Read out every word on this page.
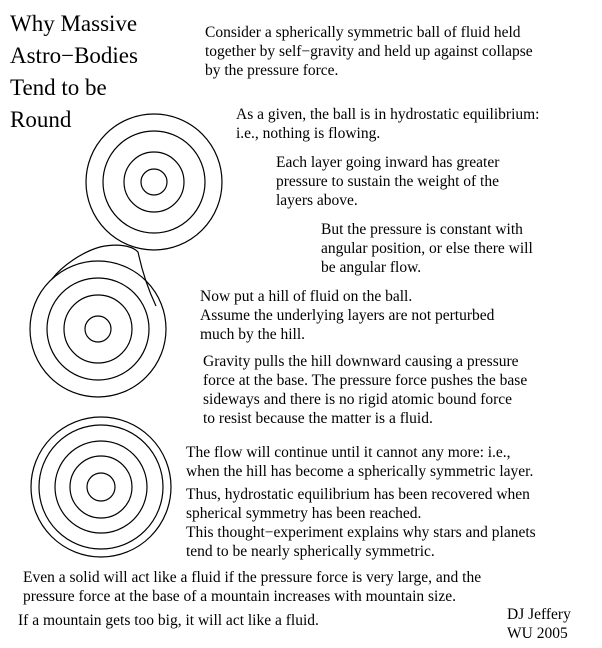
Why Massive
Astro−Bodies
Tend to be
Round
Consider a spherically symmetric ball of fluid held
together by self−gravity and held up against collapse
by the pressure force.
As a given, the ball is in hydrostatic equilibrium:
i.e., nothing is flowing.
Each layer going inward has greater
pressure to sustain the weight of the
layers above.
But the pressure is constant with
angular position, or else there will
be angular flow.
Now put a hill of fluid on the ball.
Assume the underlying layers are not perturbed
much by the hill.
Gravity pulls the hill downward causing a pressure
force at the base. The pressure force pushes the base
sideways and there is no rigid atomic bound force
to resist because the matter is a fluid.
The flow will continue until it cannot any more: i.e.,
when the hill has become a spherically symmetric layer.
Thus, hydrostatic equilibrium has been recovered when
spherical symmetry has been reached.
This thought−experiment explains why stars and planets
tend to be nearly spherically symmetric.
Even a solid will act like a fluid if the pressure force is very large, and the
pressure force at the base of a mountain increases with mountain size.
If a mountain gets too big, it will act like a fluid.	DJ Jeffery
WU 2005
